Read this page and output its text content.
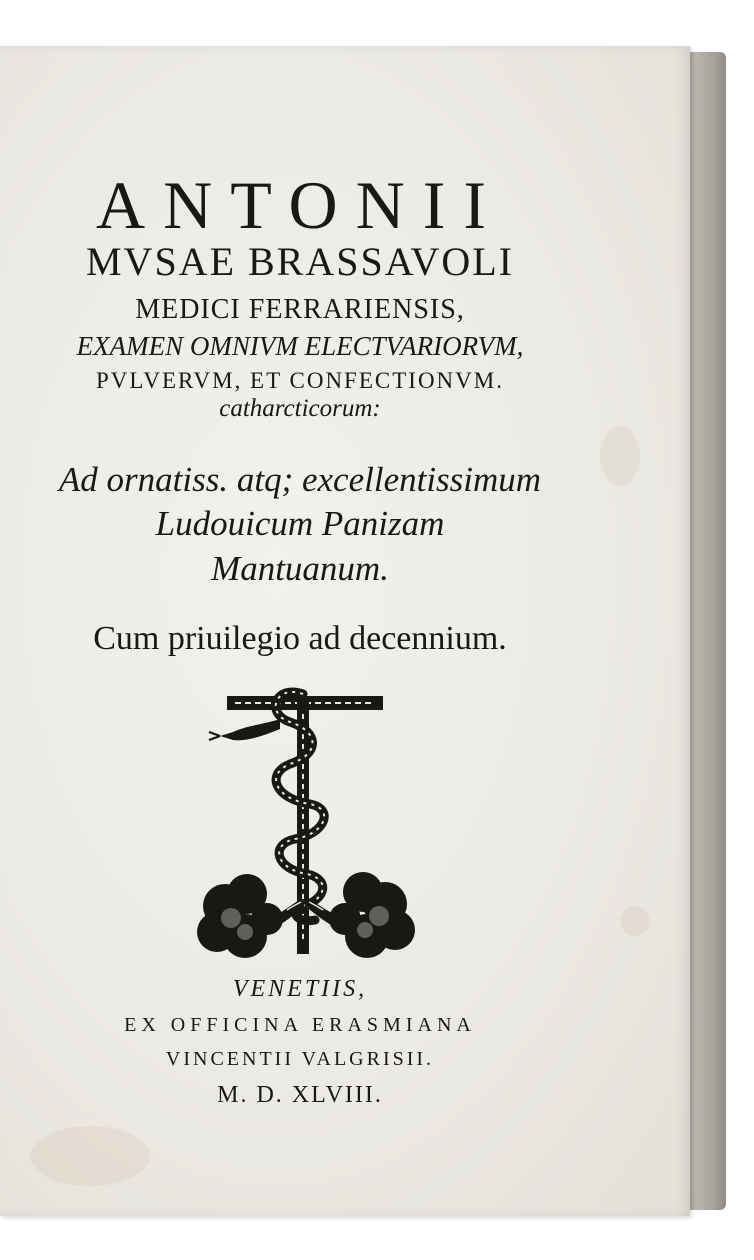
ANTONII

MVSAE BRASSAVOLI

MEDICI FERRARIENSIS,

EXAMEN OMNIVM ELECTVARIORVM,

PVLVERVM, ET CONFECTIONVM.

catharcticorum:

Ad ornatiss. atq; excellentissimum

Ludouicum Panizam

Mantuanum.

Cum priuilegio ad decennium.

VENETIIS,

EX OFFICINA ERASMIANA

VINCENTII VALGRISII.

M. D. XLVIII.
